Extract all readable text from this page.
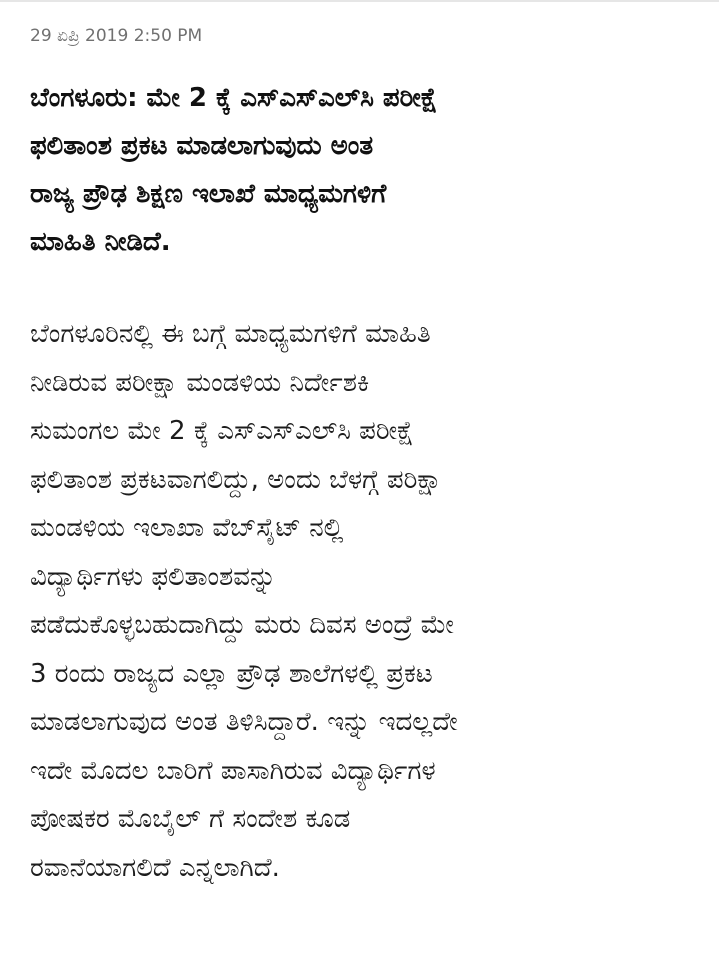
29 ಏಪ್ರಿ 2019 2:50 PM

ಬೆಂಗಳೂರು: ಮೇ 2 ಕ್ಕೆ ಎಸ್ಎಸ್ಎಲ್‌ಸಿ ಪರೀಕ್ಷೆ
ಫಲಿತಾಂಶ ಪ್ರಕಟ ಮಾಡಲಾಗುವುದು ಅಂತ
ರಾಜ್ಯ ಪ್ರೌಢ ಶಿಕ್ಷಣ ಇಲಾಖೆ ಮಾಧ್ಯಮಗಳಿಗೆ
ಮಾಹಿತಿ ನೀಡಿದೆ.

ಬೆಂಗಳೂರಿನಲ್ಲಿ ಈ ಬಗ್ಗೆ ಮಾಧ್ಯಮಗಳಿಗೆ ಮಾಹಿತಿ
ನೀಡಿರುವ ಪರೀಕ್ಷಾ ಮಂಡಳಿಯ ನಿರ್ದೇಶಕಿ
ಸುಮಂಗಲ ಮೇ 2 ಕ್ಕೆ ಎಸ್ಎಸ್ಎಲ್‌ಸಿ ಪರೀಕ್ಷೆ
ಫಲಿತಾಂಶ ಪ್ರಕಟವಾಗಲಿದ್ದು, ಅಂದು ಬೆಳಗ್ಗೆ ಪರಿಕ್ಷಾ
ಮಂಡಳಿಯ ಇಲಾಖಾ ವೆಬ್‌ಸೈಟ್ ನಲ್ಲಿ
ವಿದ್ಯಾರ್ಥಿಗಳು ಫಲಿತಾಂಶವನ್ನು
ಪಡೆದುಕೊಳ್ಳಬಹುದಾಗಿದ್ದು ಮರು ದಿವಸ ಅಂದ್ರೆ ಮೇ
3 ರಂದು ರಾಜ್ಯದ ಎಲ್ಲಾ ಪ್ರೌಢ ಶಾಲೆಗಳಲ್ಲಿ ಪ್ರಕಟ
ಮಾಡಲಾಗುವುದ ಅಂತ ತಿಳಿಸಿದ್ದಾರೆ. ಇನ್ನು ಇದಲ್ಲದೇ
ಇದೇ ಮೊದಲ ಬಾರಿಗೆ ಪಾಸಾಗಿರುವ ವಿದ್ಯಾರ್ಥಿಗಳ
ಪೋಷಕರ ಮೊಬೈಲ್ ಗೆ ಸಂದೇಶ ಕೂಡ
ರವಾನೆಯಾಗಲಿದೆ ಎನ್ನಲಾಗಿದೆ.
